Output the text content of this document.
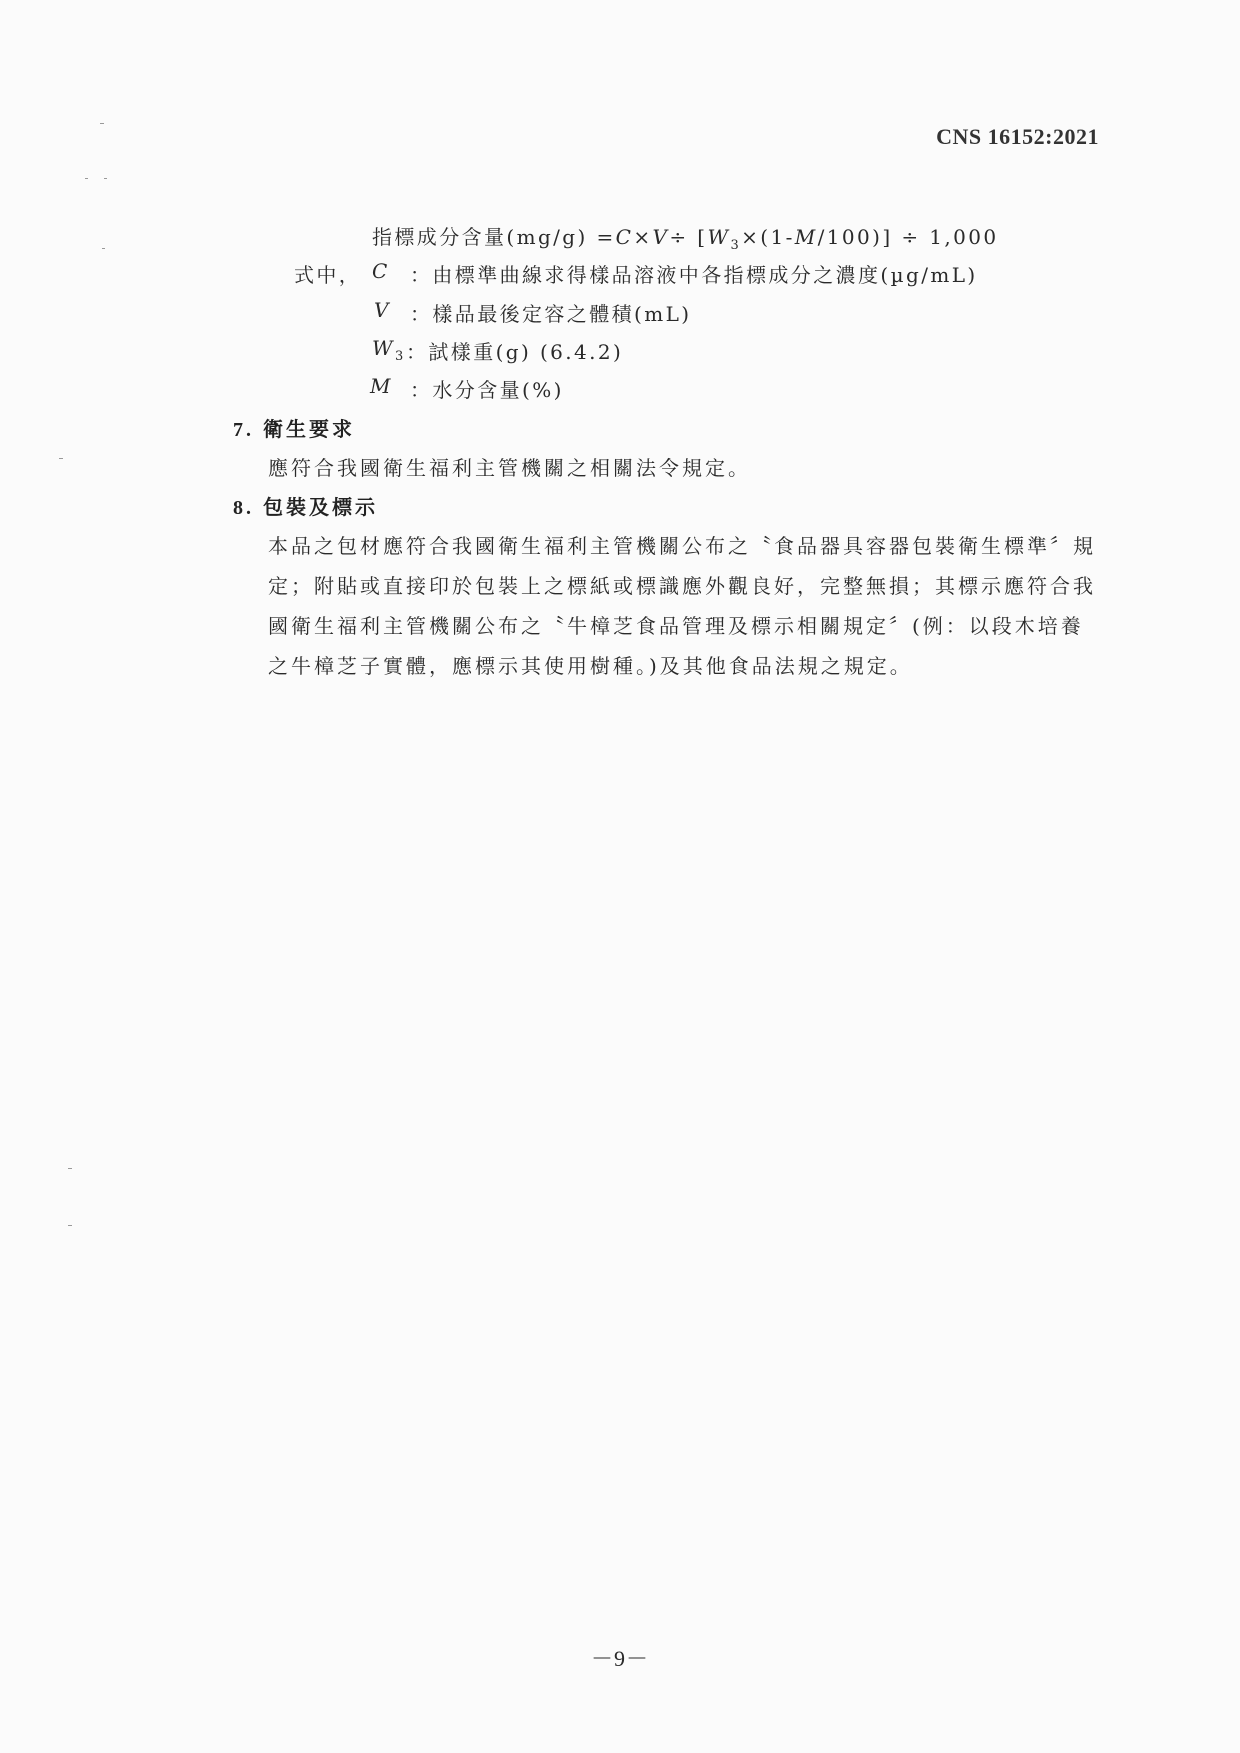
CNS 16152:2021
指標成分含量$(mg/g) =C\times V\div [W_3\times(1-M/100)] \div 1,000$
式中， C ：由標準曲線求得樣品溶液中各指標成分之濃度(µg/mL)
V ：樣品最後定容之體積(mL)
$W_3$ ：試樣重(g) (6.4.2)
M ：水分含量(%)
7. 衛生要求
應符合我國衛生福利主管機關之相關法令規定。
8. 包裝及標示
本品之包材應符合我國衛生福利主管機關公布之〝食品器具容器包裝衛生標準〞規
定；附貼或直接印於包裝上之標紙或標識應外觀良好，完整無損；其標示應符合我
國衛生福利主管機關公布之〝牛樟芝食品管理及標示相關規定〞(例：以段木培養
之牛樟芝子實體，應標示其使用樹種。)及其他食品法規之規定。
－9－
